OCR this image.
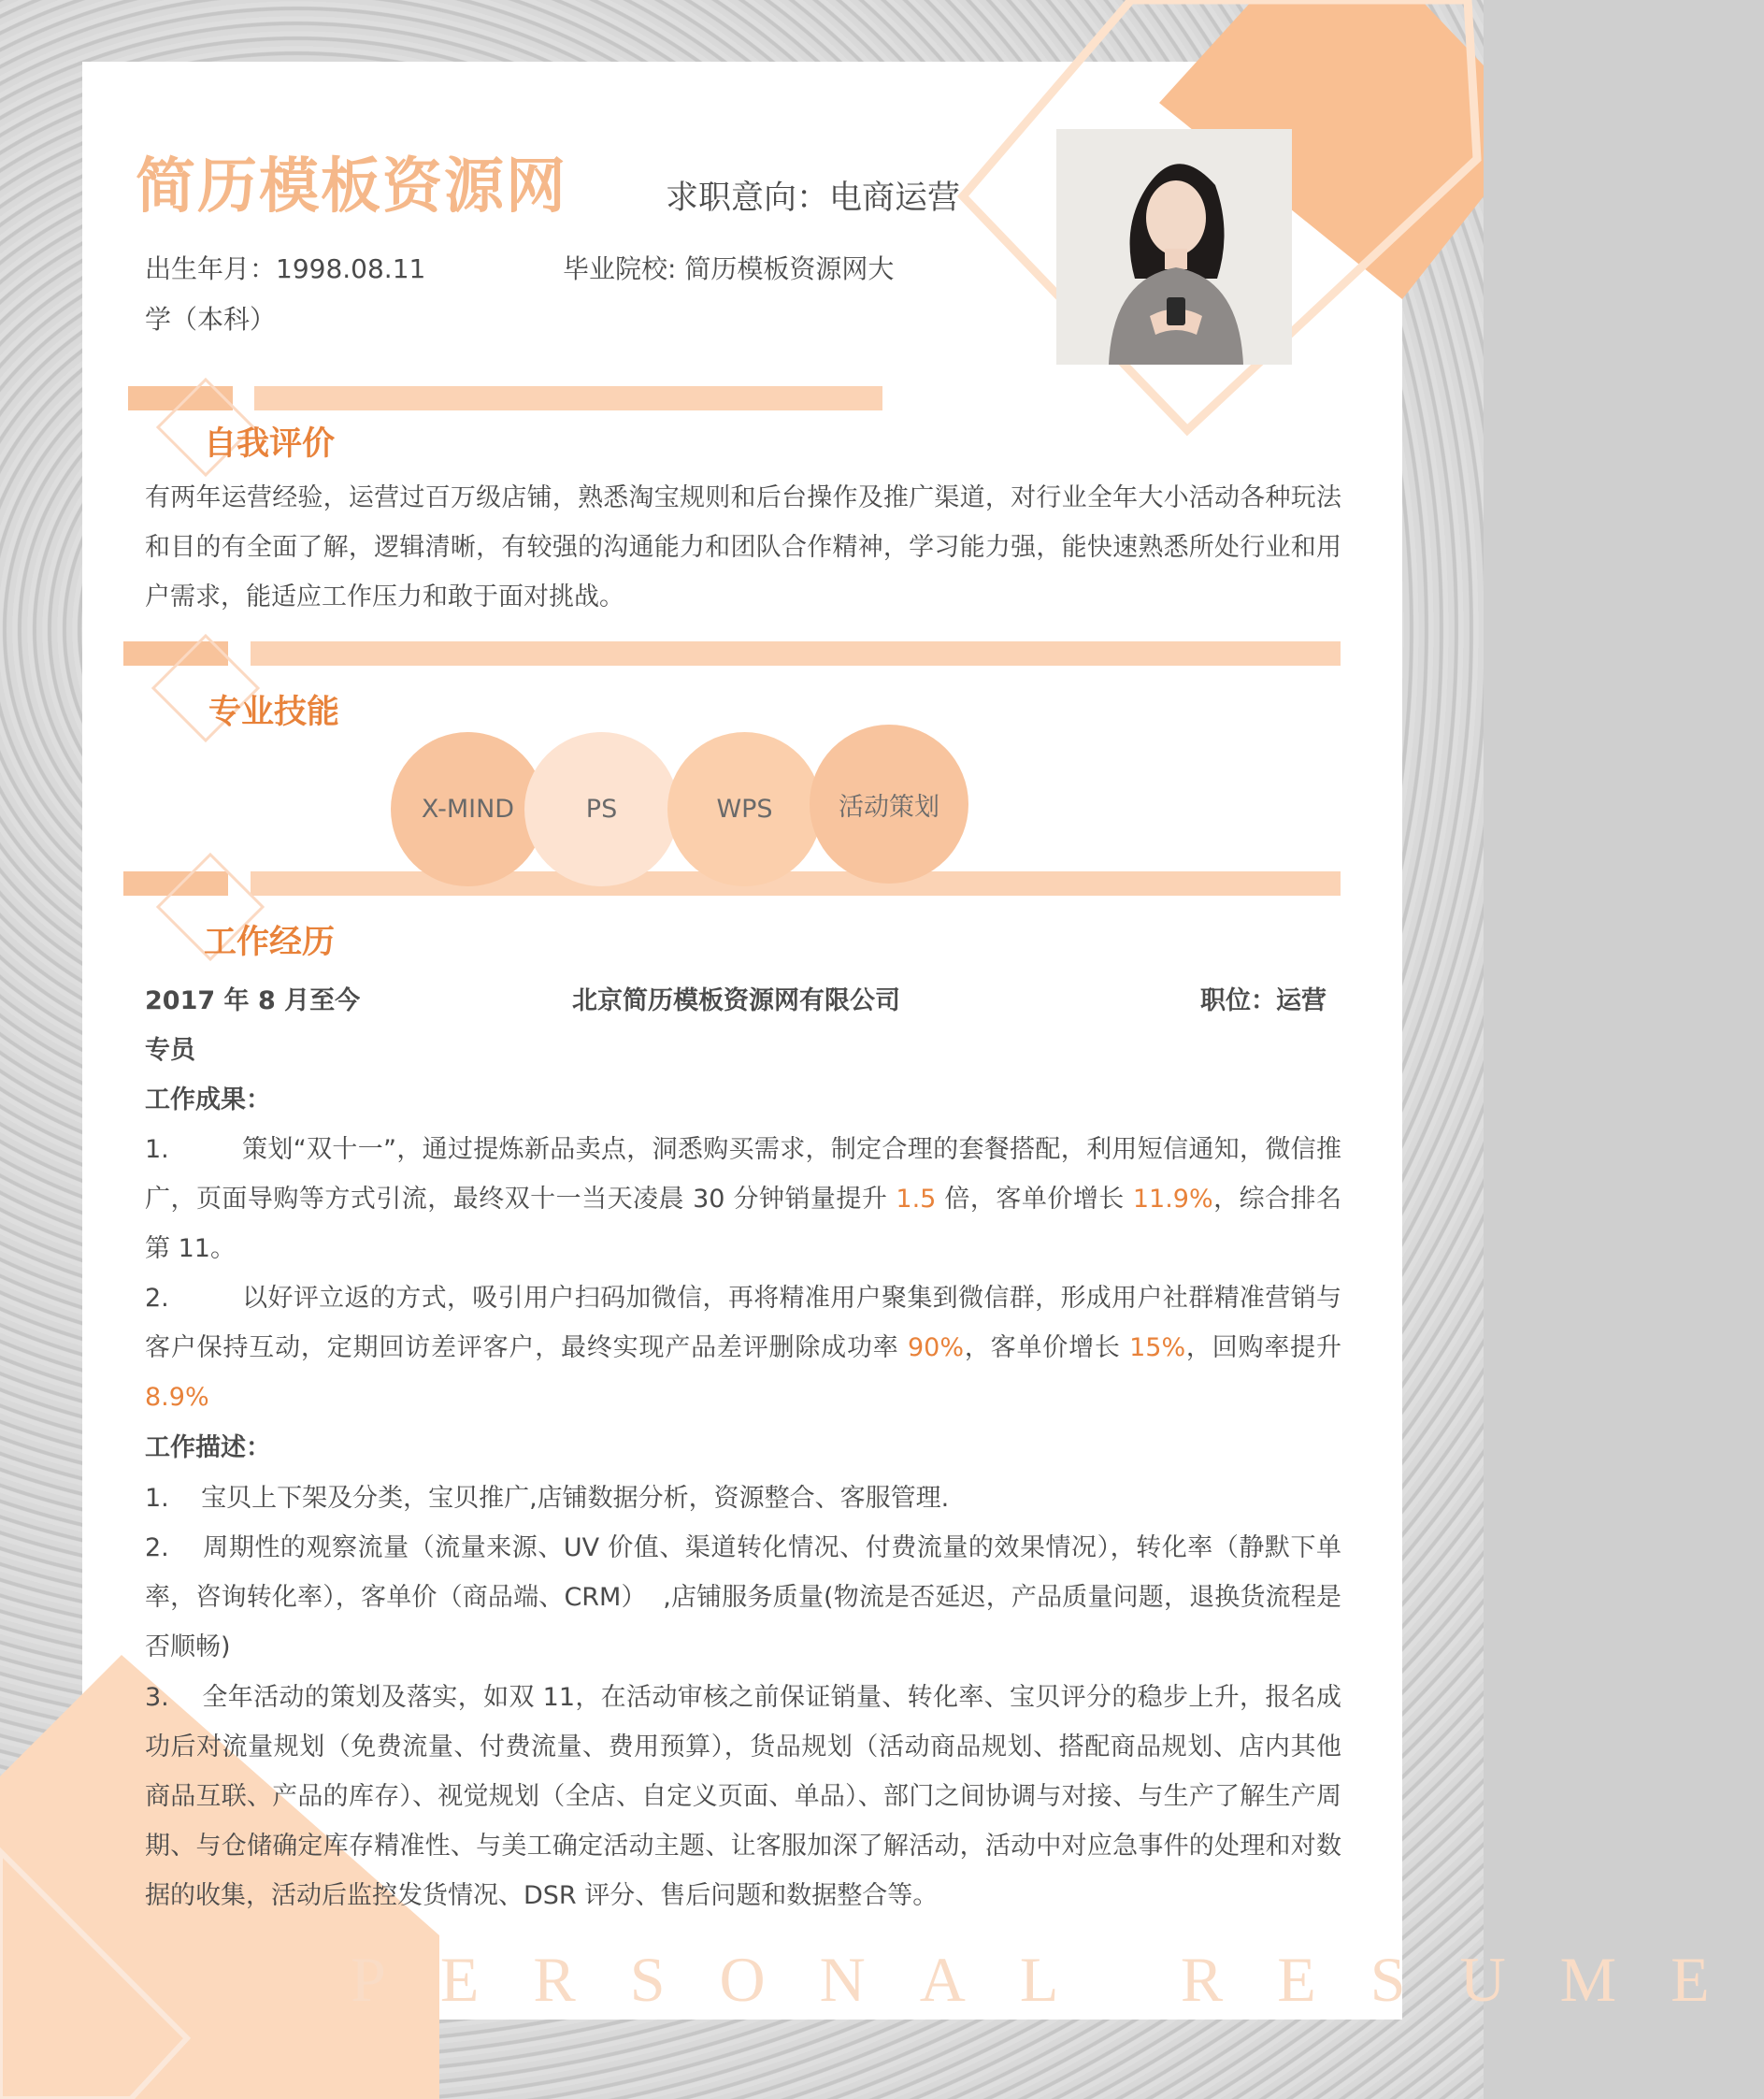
简历模板资源网	求职意向：电商运营
出生年月：1998.08.11	毕业院校: 简历模板资源网大
学（本科）
自我评价
有两年运营经验，运营过百万级店铺，熟悉淘宝规则和后台操作及推广渠道，对行业全年大小活动各种玩法和目的有全面了解，逻辑清晰，有较强的沟通能力和团队合作精神，学习能力强，能快速熟悉所处行业和用户需求，能适应工作压力和敢于面对挑战。
专业技能
X-MIND	PS	WPS	活动策划
工作经历
2017 年 8 月至今	北京简历模板资源网有限公司	职位：运营
专员
工作成果：
1.	策划“双十一”，通过提炼新品卖点，洞悉购买需求，制定合理的套餐搭配，利用短信通知，微信推广，页面导购等方式引流，最终双十一当天凌晨 30 分钟销量提升 1.5 倍，客单价增长 11.9%，综合排名第 11。
2.	以好评立返的方式，吸引用户扫码加微信，再将精准用户聚集到微信群，形成用户社群精准营销与客户保持互动，定期回访差评客户，最终实现产品差评删除成功率 90%，客单价增长 15%，回购率提升 8.9%
工作描述：
1.    宝贝上下架及分类，宝贝推广,店铺数据分析，资源整合、客服管理.
2.    周期性的观察流量（流量来源、UV 价值、渠道转化情况、付费流量的效果情况），转化率（静默下单率，咨询转化率），客单价（商品端、CRM）  ,店铺服务质量(物流是否延迟，产品质量问题，退换货流程是否顺畅)
3.    全年活动的策划及落实，如双 11，在活动审核之前保证销量、转化率、宝贝评分的稳步上升，报名成功后对流量规划（免费流量、付费流量、费用预算），货品规划（活动商品规划、搭配商品规划、店内其他商品互联、产品的库存）、视觉规划（全店、自定义页面、单品）、部门之间协调与对接、与生产了解生产周期、与仓储确定库存精准性、与美工确定活动主题、让客服加深了解活动，活动中对应急事件的处理和对数据的收集，活动后监控发货情况、DSR 评分、售后问题和数据整合等。
PERSONAL RESUME
